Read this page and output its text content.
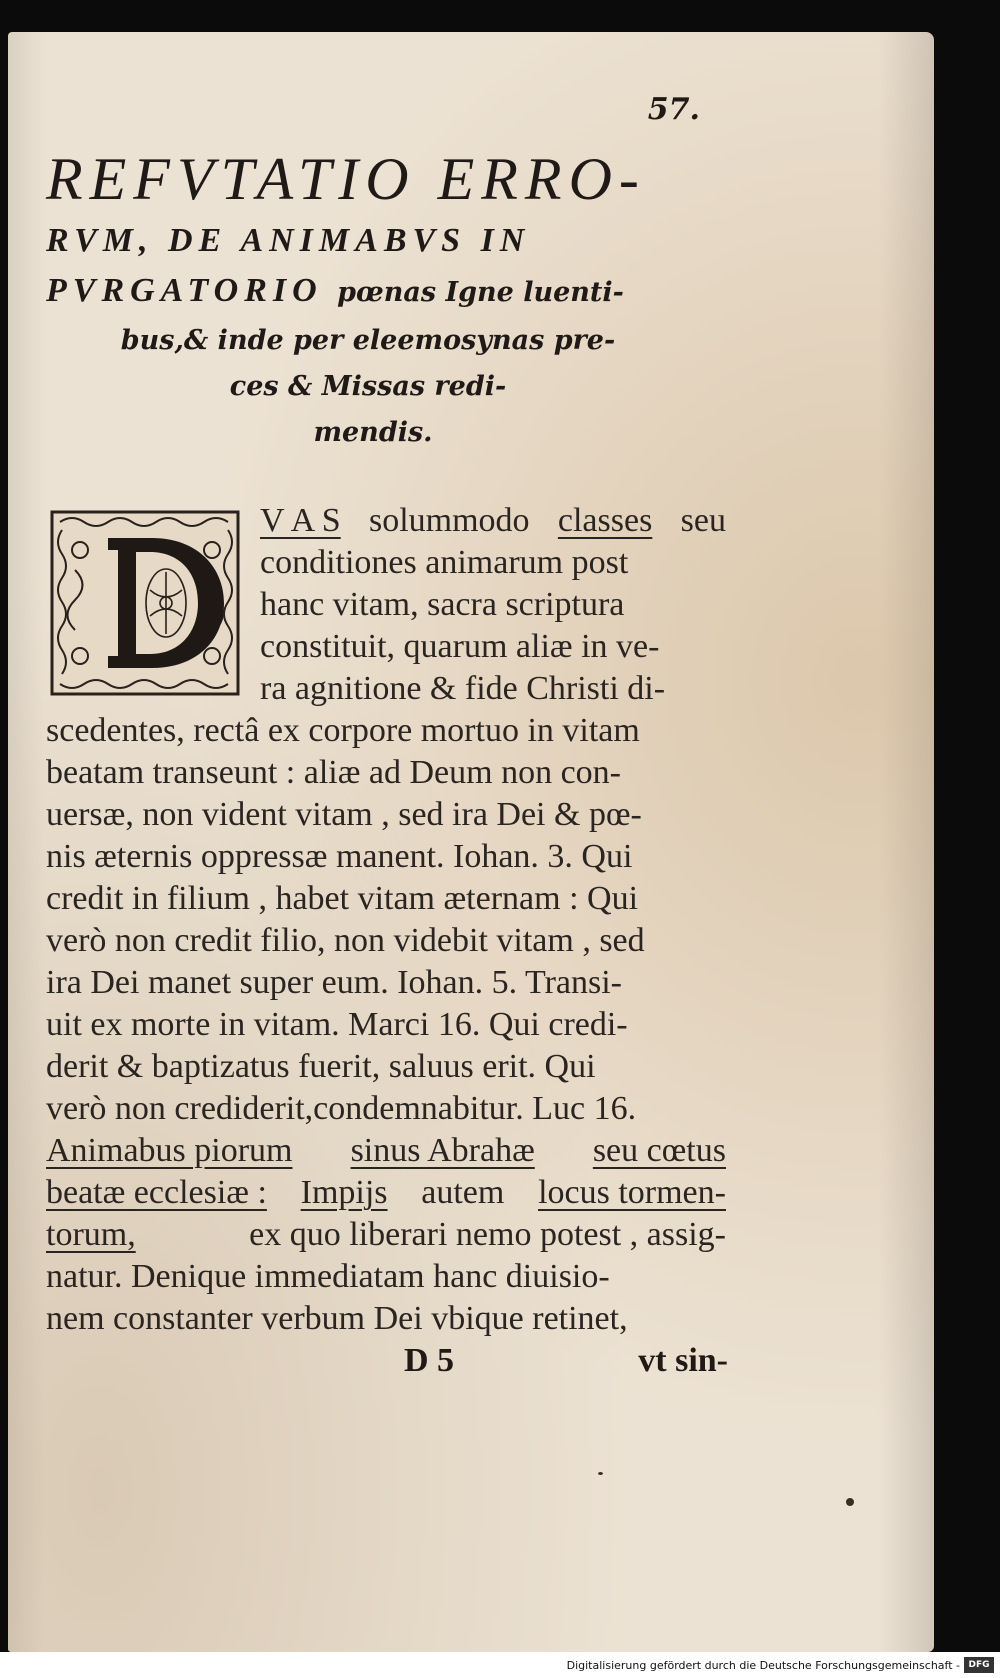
57.
REFVTATIO ERRO-
RVM, DE ANIMABVS IN
PVRGATORIO pœnas Igne luenti-
bus,& inde per eleemosynas pre-
ces & Missas redi-
mendis.
V A S solummodo classes seu
conditiones animarum post
hanc vitam, sacra scriptura
constituit, quarum aliæ in ve-
ra agnitione & fide Christi di-
scedentes, rectâ ex corpore mortuo in vitam
beatam transeunt : aliæ ad Deum non con-
uersæ, non vident vitam , sed ira Dei & pœ-
nis æternis oppressæ manent. Iohan. 3. Qui
credit in filium , habet vitam æternam : Qui
verò non credit filio, non videbit vitam , sed
ira Dei manet super eum. Iohan. 5. Transi-
uit ex morte in vitam. Marci 16. Qui credi-
derit & baptizatus fuerit, saluus erit. Qui
verò non crediderit,condemnabitur. Luc 16.
Animabus piorum sinus Abrahæ seu cœtus
beatæ ecclesiæ : Impijs autem locus tormen-
torum,	ex quo liberari nemo potest , assig-
natur. Denique immediatam hanc diuisio-
nem constanter verbum Dei vbique retinet,
D 5	vt sin-
Digitalisierung gefördert durch die Deutsche Forschungsgemeinschaft - DFG
